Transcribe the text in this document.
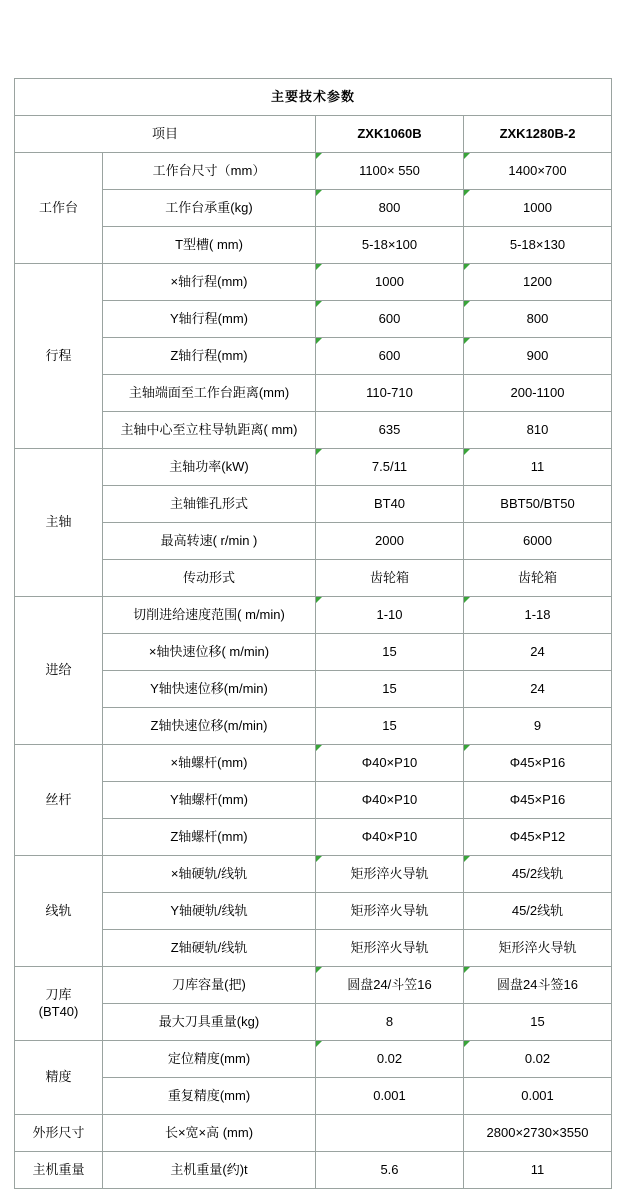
主要技术参数			
项目		ZXK1060B	ZXK1280B-2

工作台	工作台尺寸（mm）	1100× 550	1400×700
	工作台承重(kg)	800	1000
	T型槽( mm)	5-18×100	5-18×130

行程	×轴行程(mm)	1000	1200
	Y轴行程(mm)	600	800
	Z轴行程(mm)	600	900
	主轴端面至工作台距离(mm)	110-710	200-1100
	主轴中心至立柱导轨距离( mm)	635	810

主轴	主轴功率(kW)	7.5/11	11
	主轴锥孔形式	BT40	BBT50/BT50
	最高转速( r/min )	2000	6000
	传动形式	齿轮箱	齿轮箱

进给	切削进给速度范围( m/min)	1-10	1-18
	×轴快速位移( m/min)	15	24
	Y轴快速位移(m/min)	15	24
	Z轴快速位移(m/min)	15	9

丝杆	×轴螺杆(mm)	Φ40×P10	Φ45×P16
	Y轴螺杆(mm)	Φ40×P10	Φ45×P16
	Z轴螺杆(mm)	Φ40×P10	Φ45×P12

线轨	×轴硬轨/线轨	矩形淬火导轨	45/2线轨
	Y轴硬轨/线轨	矩形淬火导轨	45/2线轨
	Z轴硬轨/线轨	矩形淬火导轨	矩形淬火导轨

刀库
(BT40)	刀库容量(把)	圆盘24/斗笠16	圆盘24斗签16
	最大刀具重量(kg)	8	15

精度	定位精度(mm)	0.02	0.02
	重复精度(mm)	0.001	0.001
外形尺寸	长×宽×高 (mm)		2800×2730×3550
主机重量	主机重量(约)t	5.6	11
